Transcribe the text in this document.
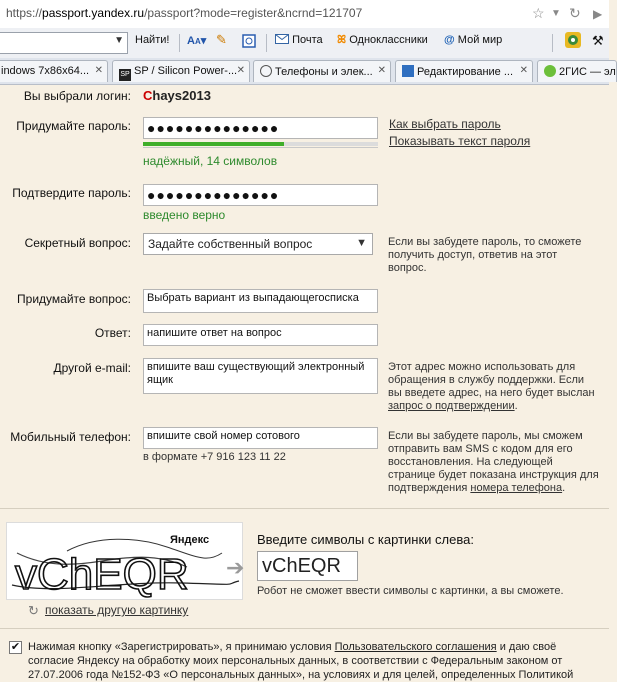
https://passport.yandex.ru/passport?mode=register&ncrnd=121707	☆ ▼ ↻ ▶
▼ Найти! AA▾ ✎	Почта ꕤ Одноклассники @ Мой мир	⚒
indows 7x86x64... ✕	SP SP / Silicon Power-... ✕	Телефоны и элек... ✕	Редактирование ... ✕	2ГИС — эл
Вы выбрали логин: Chays2013
Придумайте пароль: ●●●●●●●●●●●●●●
надёжный, 14 символов
Как выбрать пароль
Показывать текст пароля
Подтвердите пароль: ●●●●●●●●●●●●●●
введено верно
Секретный вопрос:	Задайте собственный вопрос	▼ Если вы забудете пароль, то сможете получить доступ, ответив на этот вопрос.
Придумайте вопрос:	Выбрать вариант из выпадающегосписка
Ответ:	напишите ответ на вопрос
Другой e-mail:	впишите ваш существующий электронный ящик
Этот адрес можно использовать для обращения в службу поддержки. Если вы введете адрес, на него будет выслан запрос о подтверждении.
Мобильный телефон:	впишите свой номер сотового
в формате +7 916 123 11 22
Если вы забудете пароль, мы сможем отправить вам SMS с кодом для его восстановления. На следующей странице будет показана инструкция для подтверждения номера телефона.
vChEQR
Яндекс
➔
Введите символы с картинки слева:
vChEQR
Робот не сможет ввести символы с картинки, а вы сможете.
↻ показать другую картинку
✔ Нажимая кнопку «Зарегистрировать», я принимаю условия Пользовательского соглашения и даю своё согласие Яндексу на обработку моих персональных данных, в соответствии с Федеральным законом от 27.07.2006 года №152-ФЗ «О персональных данных», на условиях и для целей, определенных Политикой
